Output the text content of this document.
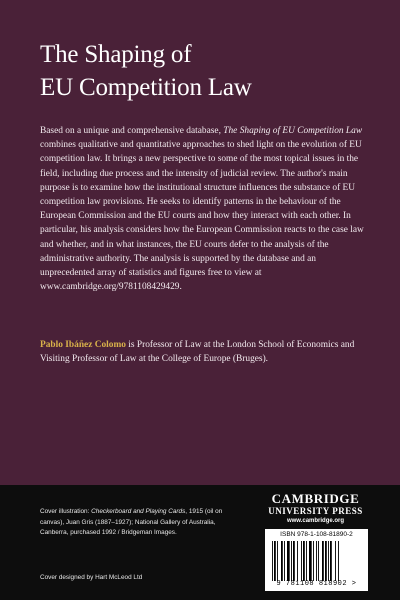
The Shaping of
EU Competition Law

Based on a unique and comprehensive database, The Shaping of EU Competition Law combines qualitative and quantitative approaches to shed light on the evolution of EU competition law. It brings a new perspective to some of the most topical issues in the field, including due process and the intensity of judicial review. The author's main purpose is to examine how the institutional structure influences the substance of EU competition law provisions. He seeks to identify patterns in the behaviour of the European Commission and the EU courts and how they interact with each other. In particular, his analysis considers how the European Commission reacts to the case law and whether, and in what instances, the EU courts defer to the analysis of the administrative authority. The analysis is supported by the database and an unprecedented array of statistics and figures free to view at www.cambridge.org/9781108429429.

Pablo Ibáñez Colomo is Professor of Law at the London School of Economics and Visiting Professor of Law at the College of Europe (Bruges).

Cover illustration: Checkerboard and Playing Cards, 1915 (oil on canvas), Juan Gris (1887–1927); National Gallery of Australia, Canberra, purchased 1992 / Bridgeman Images.
Cover designed by Hart McLeod Ltd
CAMBRIDGE
UNIVERSITY PRESS
www.cambridge.org
ISBN 978-1-108-81890-2
9 781108 818902 >
